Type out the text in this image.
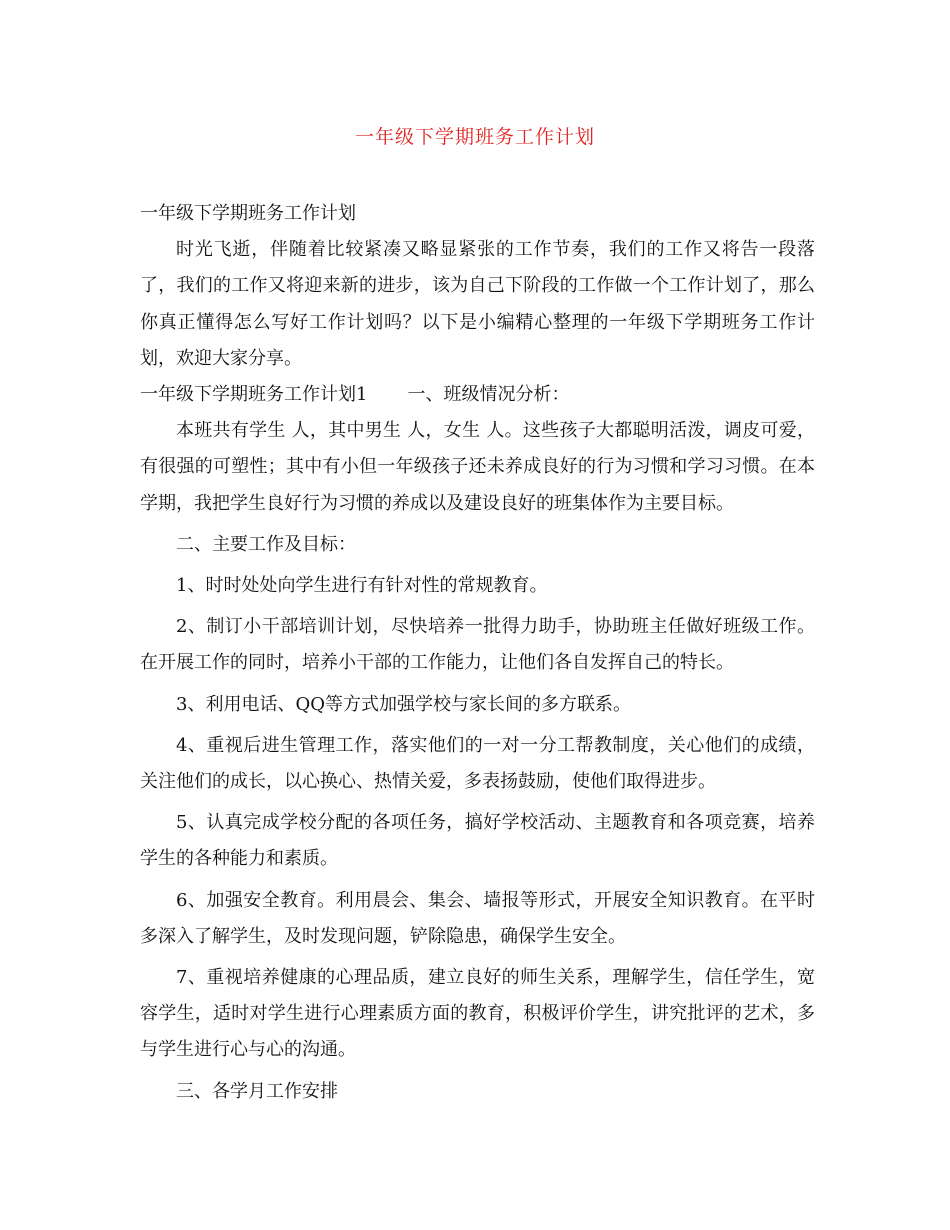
一年级下学期班务工作计划

一年级下学期班务工作计划

时光飞逝，伴随着比较紧凑又略显紧张的工作节奏，我们的工作又将告一段落了，我们的工作又将迎来新的进步，该为自己下阶段的工作做一个工作计划了，那么你真正懂得怎么写好工作计划吗？以下是小编精心整理的一年级下学期班务工作计划，欢迎大家分享。

一年级下学期班务工作计划1 一、班级情况分析：

本班共有学生 人，其中男生 人，女生 人。这些孩子大都聪明活泼，调皮可爱，有很强的可塑性；其中有小但一年级孩子还未养成良好的行为习惯和学习习惯。在本学期，我把学生良好行为习惯的养成以及建设良好的班集体作为主要目标。

二、主要工作及目标：

1、时时处处向学生进行有针对性的常规教育。

2、制订小干部培训计划，尽快培养一批得力助手，协助班主任做好班级工作。在开展工作的同时，培养小干部的工作能力，让他们各自发挥自己的特长。

3、利用电话、QQ等方式加强学校与家长间的多方联系。

4、重视后进生管理工作，落实他们的一对一分工帮教制度，关心他们的成绩，关注他们的成长，以心换心、热情关爱，多表扬鼓励，使他们取得进步。

5、认真完成学校分配的各项任务，搞好学校活动、主题教育和各项竞赛，培养学生的各种能力和素质。

6、加强安全教育。利用晨会、集会、墙报等形式，开展安全知识教育。在平时多深入了解学生，及时发现问题，铲除隐患，确保学生安全。

7、重视培养健康的心理品质，建立良好的师生关系，理解学生，信任学生，宽容学生，适时对学生进行心理素质方面的教育，积极评价学生，讲究批评的艺术，多与学生进行心与心的沟通。

三、各学月工作安排
